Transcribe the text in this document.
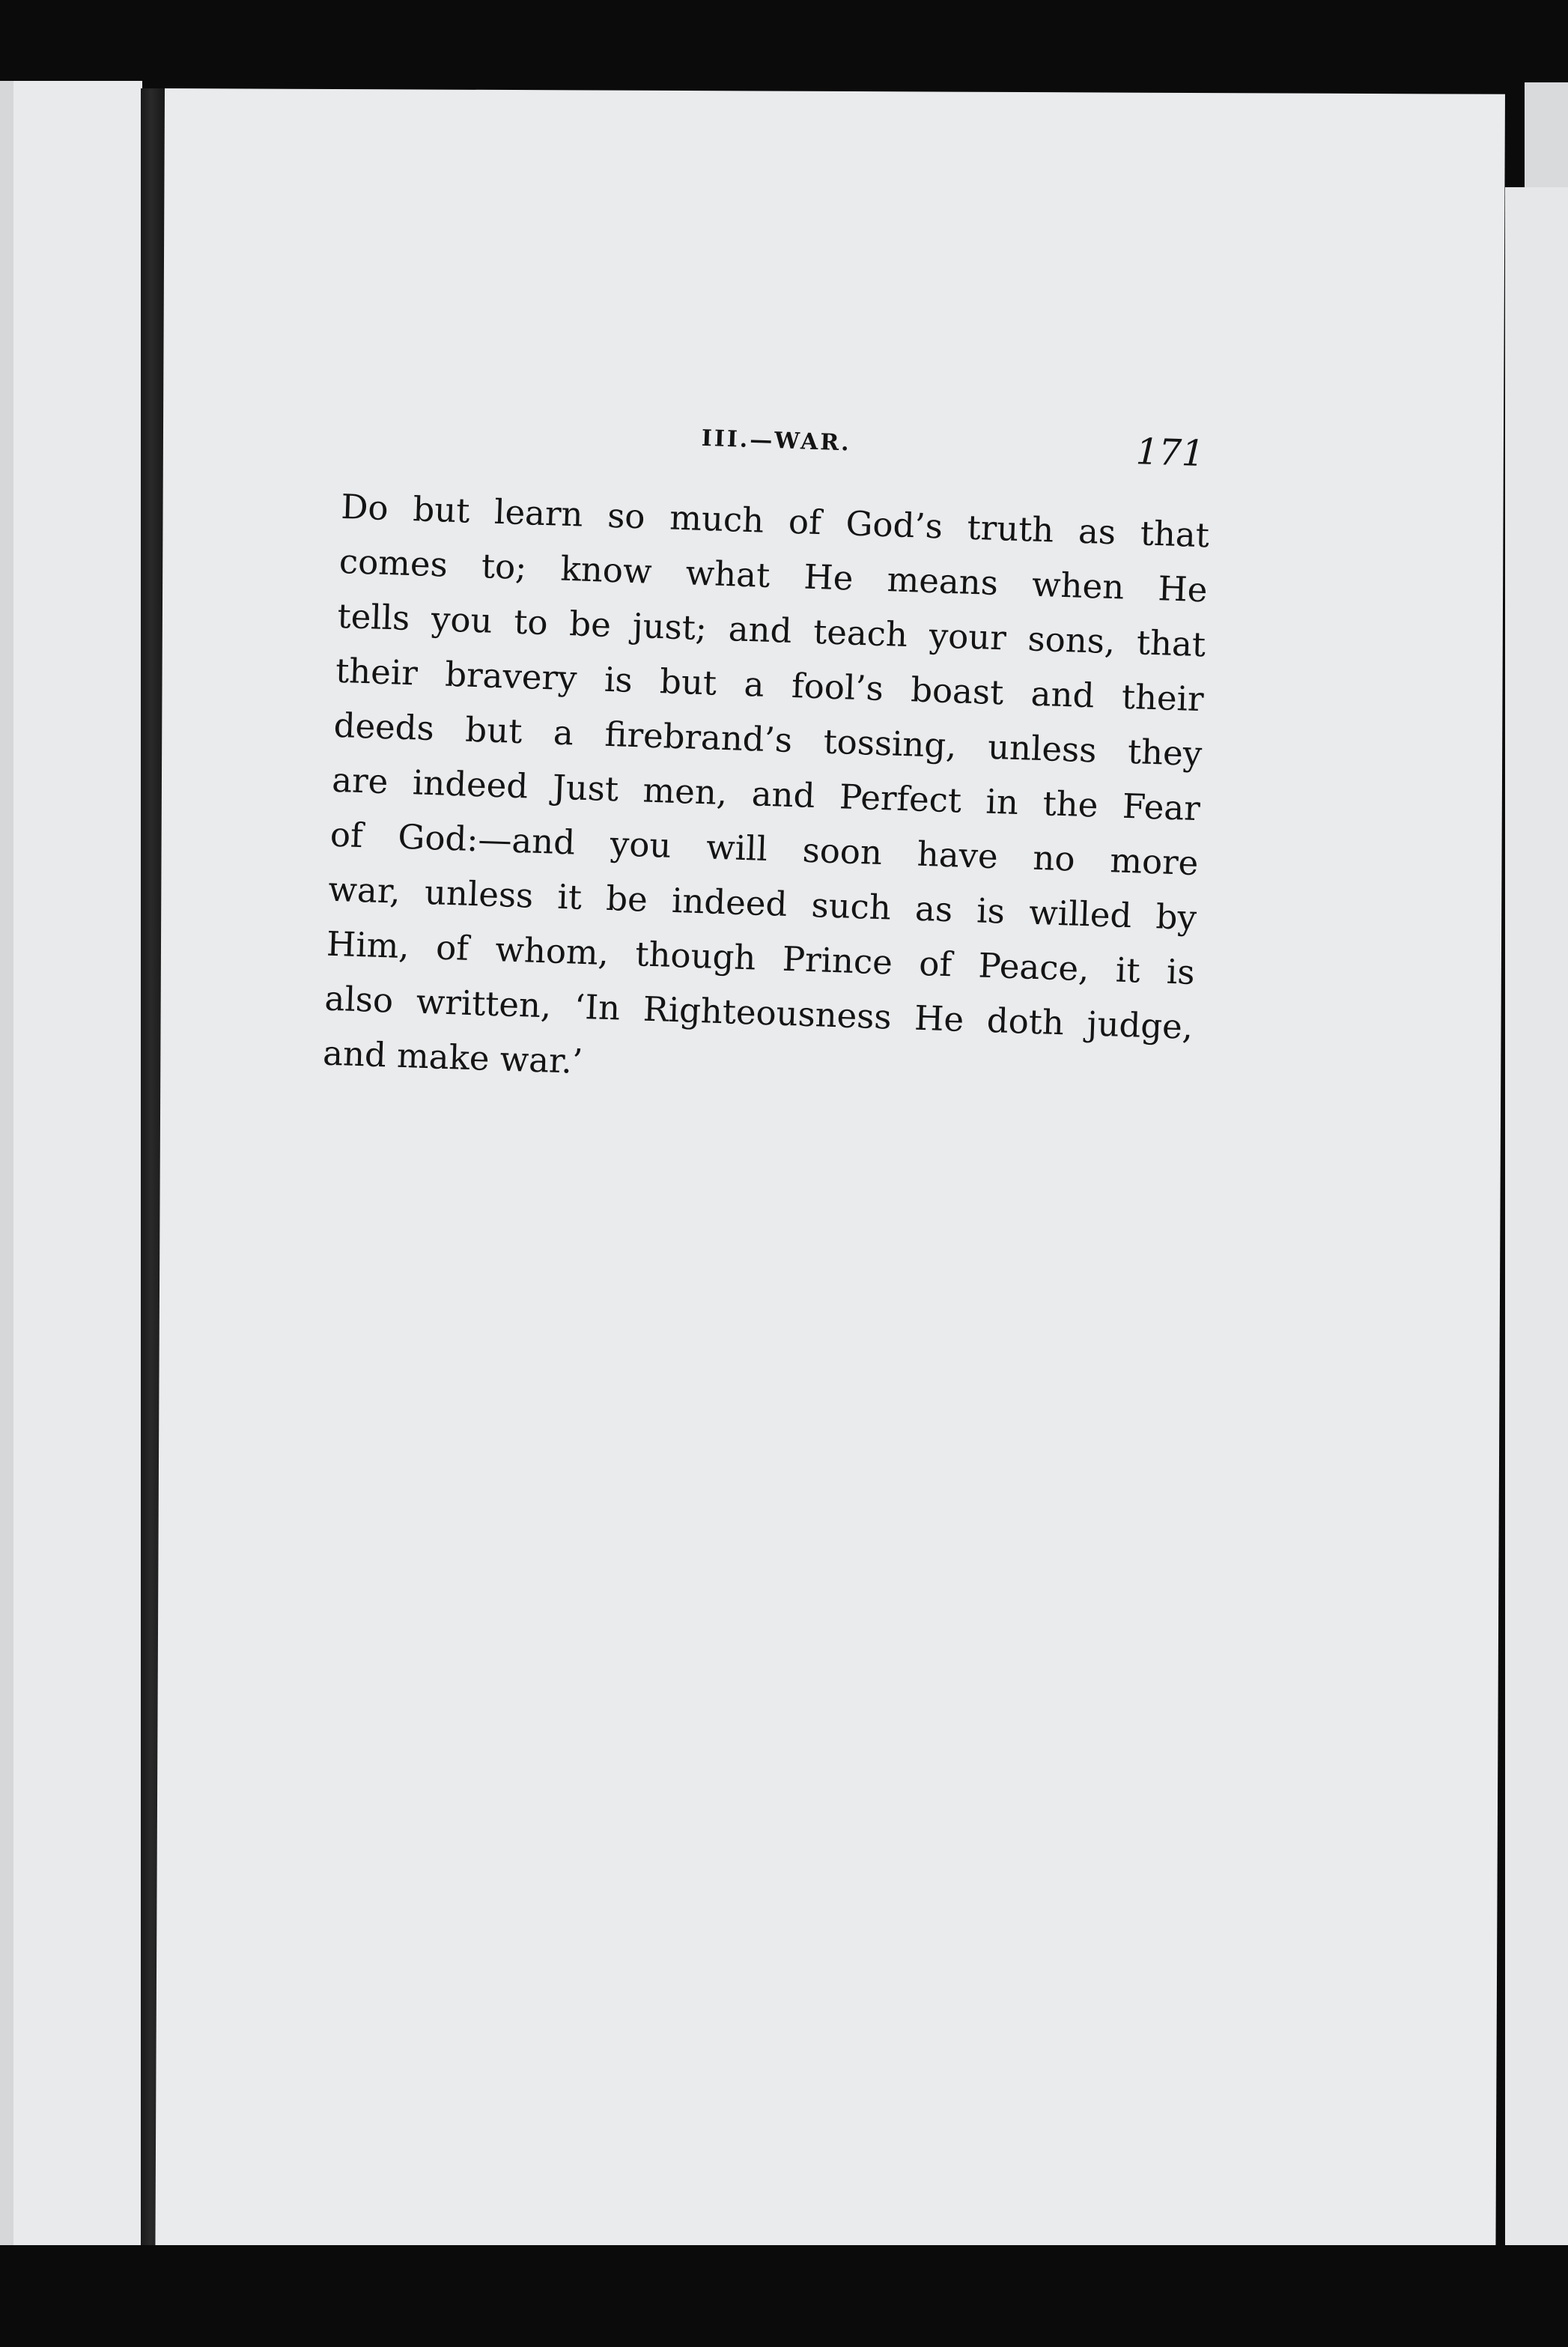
III.—WAR.	171
Do but learn so much of God’s truth as that
comes to; know what He means when He
tells you to be just; and teach your sons, that
their bravery is but a fool’s boast and their
deeds but a firebrand’s tossing, unless they
are indeed Just men, and Perfect in the Fear
of God:—and you will soon have no more
war, unless it be indeed such as is willed by
Him, of whom, though Prince of Peace, it is
also written, ‘In Righteousness He doth judge,
and make war.’
